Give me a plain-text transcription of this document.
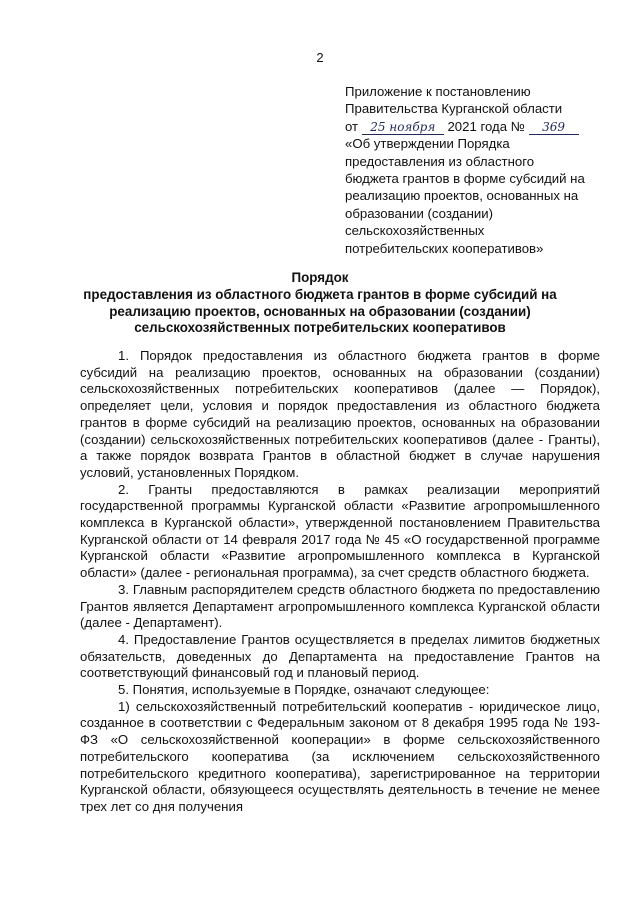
2
Приложение к постановлению
Правительства Курганской области
от 25 ноября 2021 года № 369
«Об утверждении Порядка
предоставления из областного
бюджета грантов в форме субсидий на
реализацию проектов, основанных на
образовании (создании)
сельскохозяйственных
потребительских кооперативов»
Порядок
предоставления из областного бюджета грантов в форме субсидий на
реализацию проектов, основанных на образовании (создании)
сельскохозяйственных потребительских кооперативов

1. Порядок предоставления из областного бюджета грантов в форме субсидий на реализацию проектов, основанных на образовании (создании) сельскохозяйственных потребительских кооперативов (далее — Порядок), определяет цели, условия и порядок предоставления из областного бюджета грантов в форме субсидий на реализацию проектов, основанных на образовании (создании) сельскохозяйственных потребительских кооперативов (далее - Гранты), а также порядок возврата Грантов в областной бюджет в случае нарушения условий, установленных Порядком.

2. Гранты предоставляются в рамках реализации мероприятий государственной программы Курганской области «Развитие агропромышленного комплекса в Курганской области», утвержденной постановлением Правительства Курганской области от 14 февраля 2017 года № 45 «О государственной программе Курганской области «Развитие агропромышленного комплекса в Курганской области» (далее - региональная программа), за счет средств областного бюджета.

3. Главным распорядителем средств областного бюджета по предоставлению Грантов является Департамент агропромышленного комплекса Курганской области (далее - Департамент).

4. Предоставление Грантов осуществляется в пределах лимитов бюджетных обязательств, доведенных до Департамента на предоставление Грантов на соответствующий финансовый год и плановый период.

5. Понятия, используемые в Порядке, означают следующее:

1) сельскохозяйственный потребительский кооператив - юридическое лицо, созданное в соответствии с Федеральным законом от 8 декабря 1995 года № 193-ФЗ «О сельскохозяйственной кооперации» в форме сельскохозяйственного потребительского кооператива (за исключением сельскохозяйственного потребительского кредитного кооператива), зарегистрированное на территории Курганской области, обязующееся осуществлять деятельность в течение не менее трех лет со дня получения
